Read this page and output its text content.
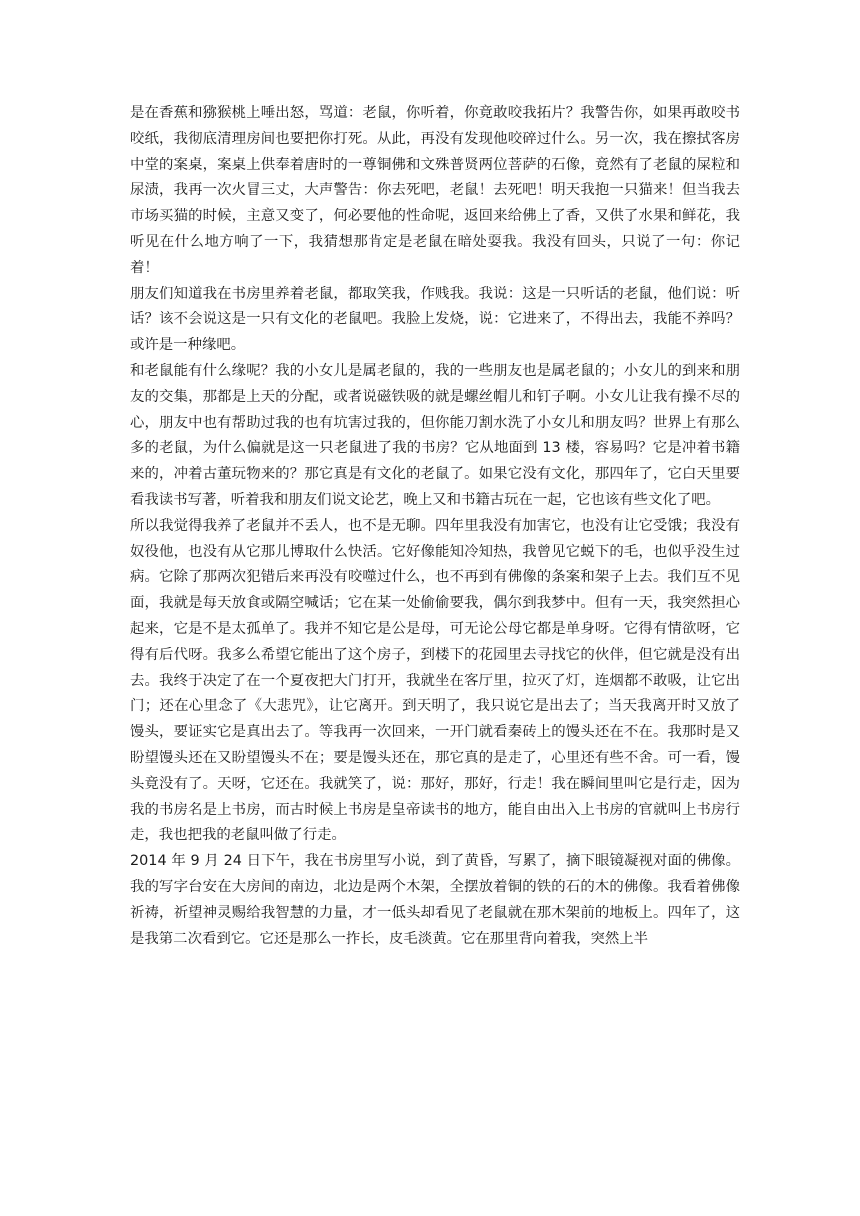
是在香蕉和猕猴桃上唾出怒，骂道：老鼠，你听着，你竟敢咬我拓片？我警告你，如果再敢咬书咬纸，我彻底清理房间也要把你打死。从此，再没有发现他咬碎过什么。另一次，我在擦拭客房中堂的案桌，案桌上供奉着唐时的一尊铜佛和文殊普贤两位菩萨的石像，竟然有了老鼠的屎粒和尿渍，我再一次火冒三丈，大声警告：你去死吧，老鼠！去死吧！明天我抱一只猫来！但当我去市场买猫的时候，主意又变了，何必要他的性命呢，返回来给佛上了香，又供了水果和鲜花，我听见在什么地方响了一下，我猜想那肯定是老鼠在暗处耍我。我没有回头，只说了一句：你记着！

朋友们知道我在书房里养着老鼠，都取笑我，作贱我。我说：这是一只听话的老鼠，他们说：听话？该不会说这是一只有文化的老鼠吧。我脸上发烧，说：它进来了，不得出去，我能不养吗？或许是一种缘吧。

和老鼠能有什么缘呢？我的小女儿是属老鼠的，我的一些朋友也是属老鼠的；小女儿的到来和朋友的交集，那都是上天的分配，或者说磁铁吸的就是螺丝帽儿和钉子啊。小女儿让我有操不尽的心，朋友中也有帮助过我的也有坑害过我的，但你能刀割水洗了小女儿和朋友吗？世界上有那么多的老鼠，为什么偏就是这一只老鼠进了我的书房？它从地面到 13 楼，容易吗？它是冲着书籍来的，冲着古董玩物来的？那它真是有文化的老鼠了。如果它没有文化，那四年了，它白天里要看我读书写著，听着我和朋友们说文论艺，晚上又和书籍古玩在一起，它也该有些文化了吧。

所以我觉得我养了老鼠并不丢人，也不是无聊。四年里我没有加害它，也没有让它受饿；我没有奴役他，也没有从它那儿博取什么快活。它好像能知冷知热，我曾见它蜕下的毛，也似乎没生过病。它除了那两次犯错后来再没有咬噬过什么，也不再到有佛像的条案和架子上去。我们互不见面，我就是每天放食或隔空喊话；它在某一处偷偷要我，偶尔到我梦中。但有一天，我突然担心起来，它是不是太孤单了。我并不知它是公是母，可无论公母它都是单身呀。它得有情欲呀，它得有后代呀。我多么希望它能出了这个房子，到楼下的花园里去寻找它的伙伴，但它就是没有出去。我终于决定了在一个夏夜把大门打开，我就坐在客厅里，拉灭了灯，连烟都不敢吸，让它出门；还在心里念了《大悲咒》，让它离开。到天明了，我只说它是出去了；当天我离开时又放了馒头，要证实它是真出去了。等我再一次回来，一开门就看秦砖上的馒头还在不在。我那时是又盼望馒头还在又盼望馒头不在；要是馒头还在，那它真的是走了，心里还有些不舍。可一看，馒头竟没有了。天呀，它还在。我就笑了，说：那好，那好，行走！我在瞬间里叫它是行走，因为我的书房名是上书房，而古时候上书房是皇帝读书的地方，能自由出入上书房的官就叫上书房行走，我也把我的老鼠叫做了行走。

2014 年 9 月 24 日下午，我在书房里写小说，到了黄昏，写累了，摘下眼镜凝视对面的佛像。我的写字台安在大房间的南边，北边是两个木架，全摆放着铜的铁的石的木的佛像。我看着佛像祈祷，祈望神灵赐给我智慧的力量，才一低头却看见了老鼠就在那木架前的地板上。四年了，这是我第二次看到它。它还是那么一拃长，皮毛淡黄。它在那里背向着我，突然上半
